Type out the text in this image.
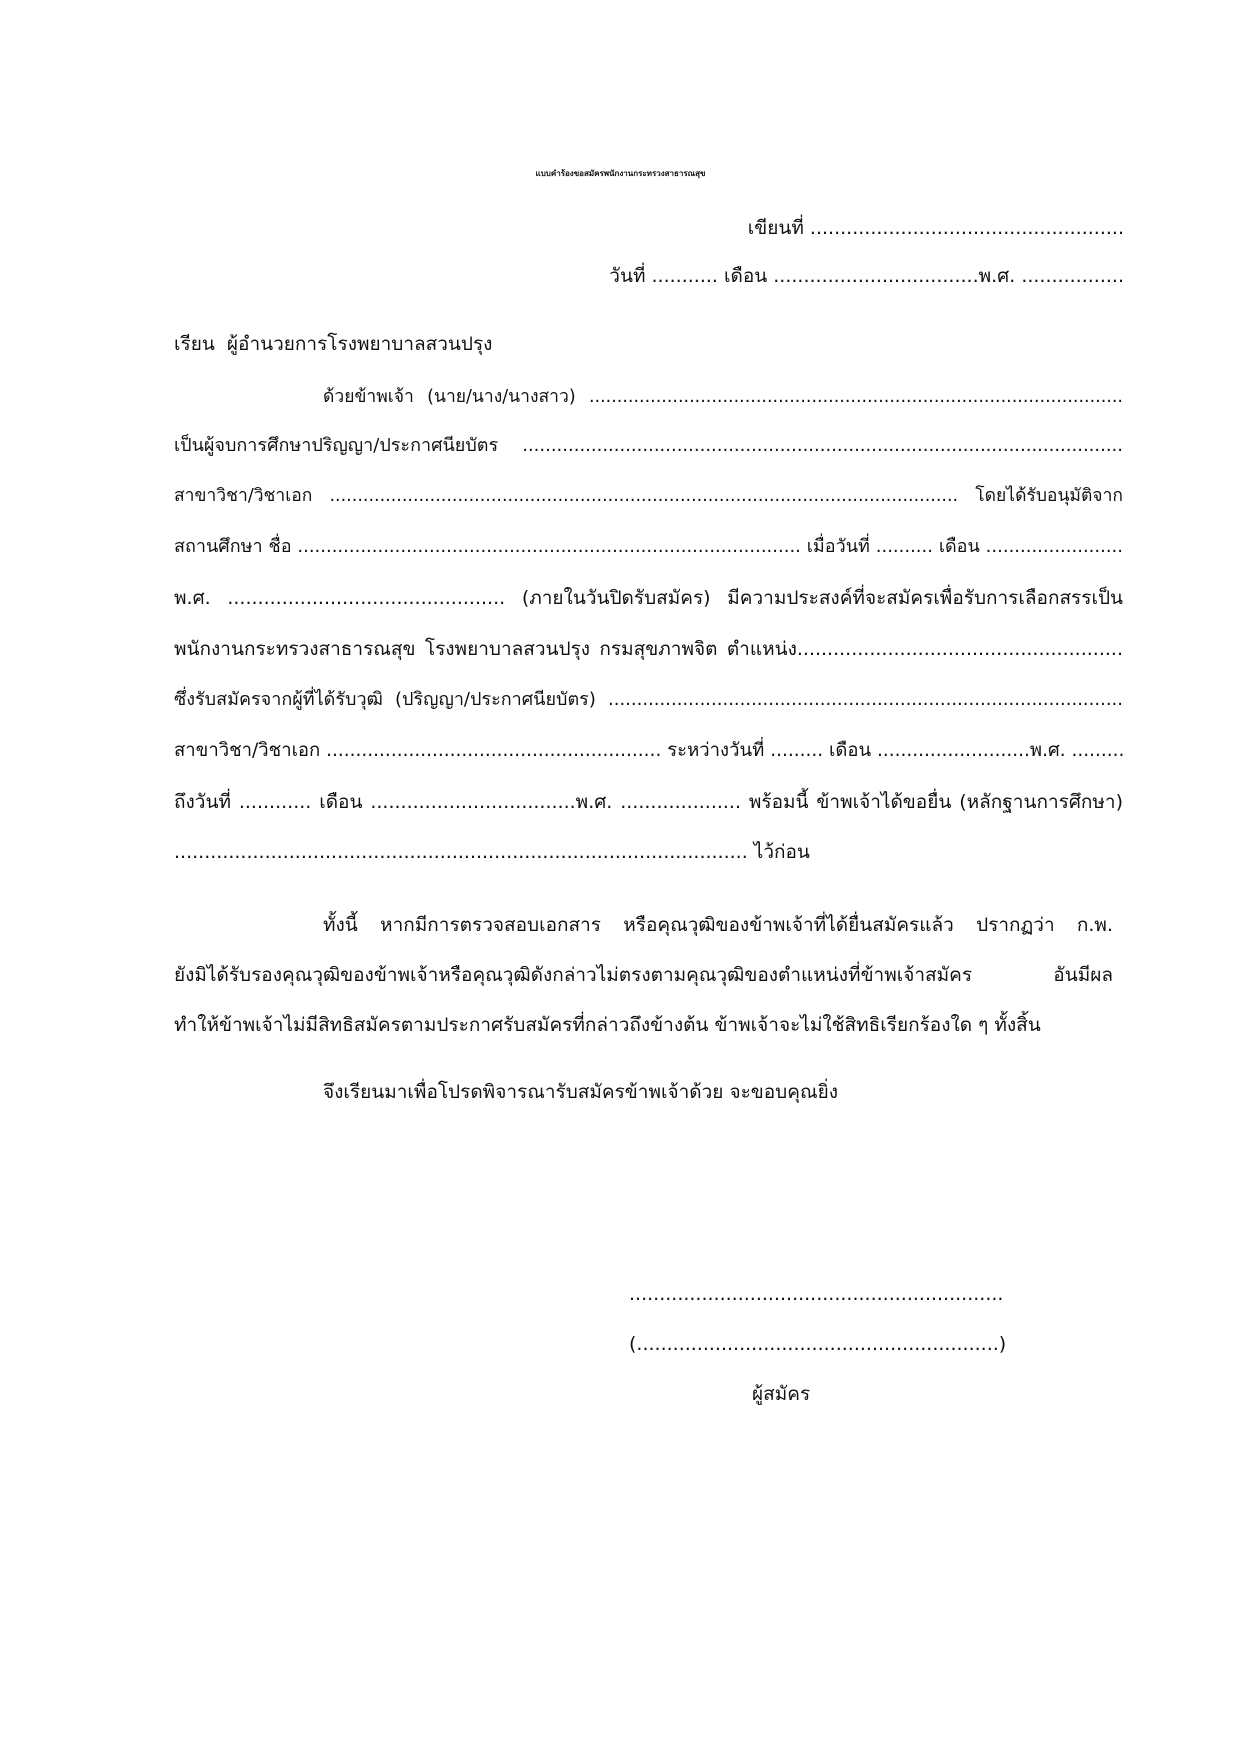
แบบคำร้องขอสมัครพนักงานกระทรวงสาธารณสุข
เขียนที่ ....................................................
วันที่ ........... เดือน ..................................พ.ศ. .................
เรียน  ผู้อำนวยการโรงพยาบาลสวนปรุง
ด้วยข้าพเจ้า (นาย/นาง/นางสาว) ................................................................................................
เป็นผู้จบการศึกษาปริญญา/ประกาศนียบัตร .........................................................................................................
สาขาวิชา/วิชาเอก ................................................................................................................. โดยได้รับอนุมัติจาก
สถานศึกษา ชื่อ ........................................................................................ เมื่อวันที่ .......... เดือน ........................
พ.ศ. .............................................. (ภายในวันปิดรับสมัคร) มีความประสงค์ที่จะสมัครเพื่อรับการเลือกสรรเป็น
พนักงานกระทรวงสาธารณสุข โรงพยาบาลสวนปรุง กรมสุขภาพจิต ตำแหน่ง......................................................
ซึ่งรับสมัครจากผู้ที่ได้รับวุฒิ (ปริญญา/ประกาศนียบัตร) ..........................................................................................
สาขาวิชา/วิชาเอก ......................................................... ระหว่างวันที่ ......... เดือน ..........................พ.ศ. .........
ถึงวันที่ ............ เดือน ..................................พ.ศ. .................... พร้อมนี้ ข้าพเจ้าได้ขอยื่น (หลักฐานการศึกษา)
............................................................................................... ไว้ก่อน
ทั้งนี้ หากมีการตรวจสอบเอกสาร หรือคุณวุฒิของข้าพเจ้าที่ได้ยื่นสมัครแล้ว ปรากฏว่า ก.พ.
ยังมิได้รับรองคุณวุฒิของข้าพเจ้าหรือคุณวุฒิดังกล่าวไม่ตรงตามคุณวุฒิของตำแหน่งที่ข้าพเจ้าสมัคร อันมีผล
ทำให้ข้าพเจ้าไม่มีสิทธิสมัครตามประกาศรับสมัครที่กล่าวถึงข้างต้น ข้าพเจ้าจะไม่ใช้สิทธิเรียกร้องใด ๆ ทั้งสิ้น
จึงเรียนมาเพื่อโปรดพิจารณารับสมัครข้าพเจ้าด้วย จะขอบคุณยิ่ง
..............................................................
(............................................................)
ผู้สมัคร
